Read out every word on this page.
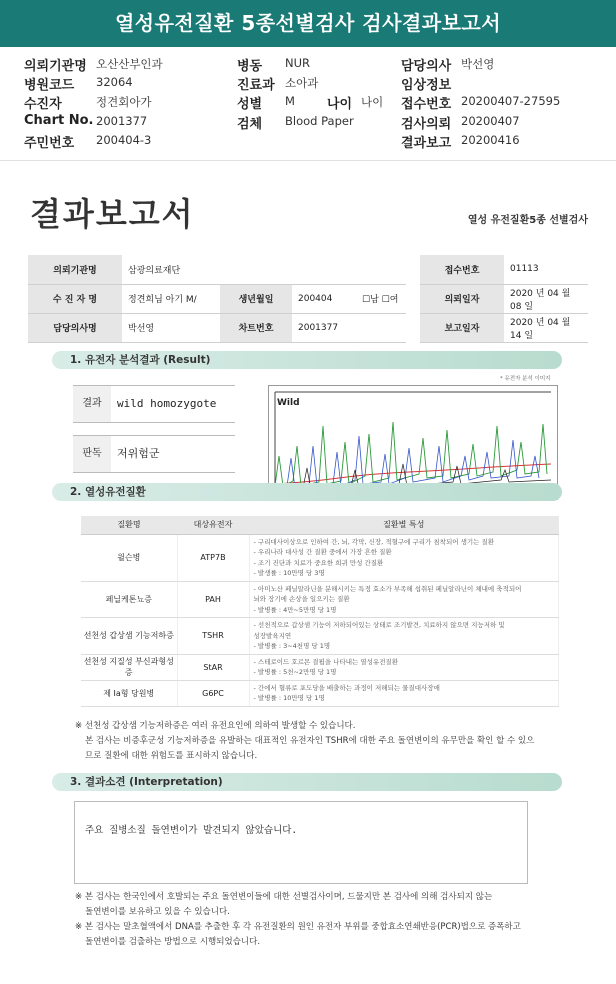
열성유전질환 5종선별검사 검사결과보고서
의뢰기관명 오산산부인과
병원코드 32064
수진자	정견회아가
Chart No. 2001377
주민번호 200404-3
병동 NUR
진료과 소아과
성별 M 나이 나이
검체 Blood Paper
담당의사 박선영
임상정보
접수번호 20200407-27595
검사의뢰 20200407
결과보고 20200416
결과보고서	열성 유전질환5종 선별검사
의뢰기관명	삼광의료재단					접수번호	01113
수 진 자 명	정견희님 아기 M/	생년월일	200404	☐남 ☐여		의뢰일자	2020 년 04 월 08 일
담당의사명	박선영	차트번호	2001377			보고일자	2020 년 04 월 14 일
1. 유전자 분석결과 (Result)
결과	wild homozygote
판독	저위험군
* 유전자 분석 이미지
Wild
2. 열성유전질환
질환명	대상유전자	질환별 특성
윌슨병	ATP7B	- 구리대사이상으로 인하여 간, 뇌, 각막, 신장, 적혈구에 구리가 침착되어 생기는 질환
- 우리나라 대사성 간 질환 중에서 가장 흔한 질환
- 조기 진단과 치료가 중요한 희귀 만성 간질환
- 발생률 : 10만명 당 3명

페닐케톤뇨증	PAH	- 아미노산 페닐알라닌을 분해시키는 특정 효소가 부족해 섭취된 페닐알라닌이 체내에 축적되어
뇌와 장기에 손상을 일으키는 질환
- 발병률 : 4만~5만명 당 1명

선천성 갑상샘 기능저하증	TSHR	- 선천적으로 갑상샘 기능이 저하되어있는 상태로 조기발견, 치료하지 않으면 지능저하 및
성장발육지연
- 발병률 : 3~4천명 당 1명

선천성 지질성 부신과형성증	StAR	- 스테로이드 호르몬 결핍을 나타내는 열성유전질환
- 발병률 : 5천~2만명 당 1명

제 Ia형 당원병	G6PC	- 간에서 혈류로 포도당을 배출하는 과정이 저해되는 물질대사장애
- 발병률 : 10만명 당 1명
※ 선천성 갑상샘 기능저하증은 여러 유전요인에 의하여 발생할 수 있습니다.
본 검사는 비증후군성 기능저하증을 유발하는 대표적인 유전자인 TSHR에 대한 주요 돌연변이의 유무만을 확인 할 수 있으
므로 질환에 대한 위험도를 표시하지 않습니다.
3. 결과소견 (Interpretation)
주요 질병소질 돌연변이가 발견되지 않았습니다.
※ 본 검사는 한국인에서 호발되는 주요 돌연변이들에 대한 선별검사이며, 드물지만 본 검사에 의해 검사되지 않는
돌연변이를 보유하고 있을 수 있습니다.
※ 본 검사는 말초혈액에서 DNA를 추출한 후 각 유전질환의 원인 유전자 부위를 중합효소연쇄반응(PCR)법으로 증폭하고
돌연변이를 검출하는 방법으로 시행되었습니다.
